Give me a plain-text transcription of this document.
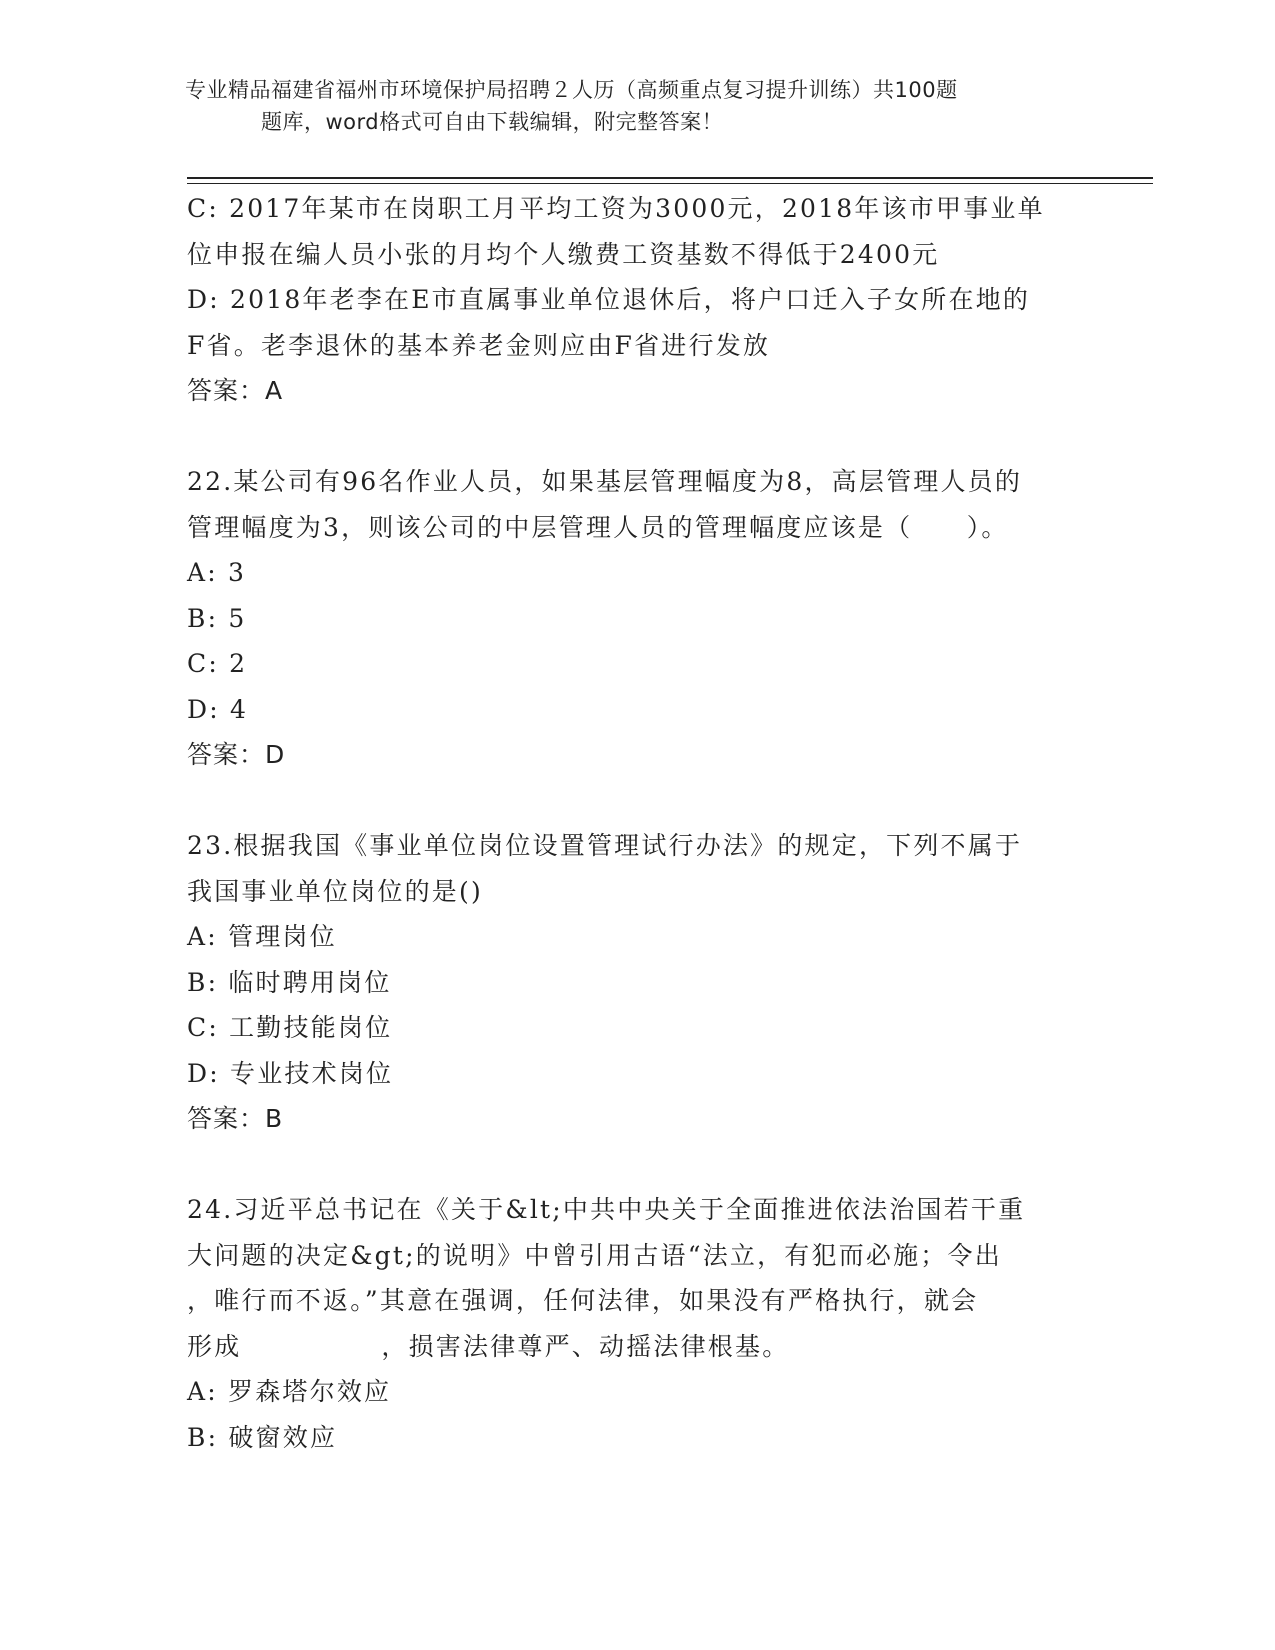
专业精品福建省福州市环境保护局招聘２人历（高频重点复习提升训练）共100题
题库，word格式可自由下载编辑，附完整答案！
C: 2017年某市在岗职工月平均工资为3000元，2018年该市甲事业单
位申报在编人员小张的月均个人缴费工资基数不得低于2400元
D: 2018年老李在E市直属事业单位退休后，将户口迁入子女所在地的
F省。老李退休的基本养老金则应由F省进行发放
答案：A
22.某公司有96名作业人员，如果基层管理幅度为8，高层管理人员的
管理幅度为3，则该公司的中层管理人员的管理幅度应该是（　　）。
A: 3
B: 5
C: 2
D: 4
答案：D
23.根据我国《事业单位岗位设置管理试行办法》的规定，下列不属于
我国事业单位岗位的是()
A: 管理岗位
B: 临时聘用岗位
C: 工勤技能岗位
D: 专业技术岗位
答案：B
24.习近平总书记在《关于&lt;中共中央关于全面推进依法治国若干重
大问题的决定&gt;的说明》中曾引用古语“法立，有犯而必施；令出
，唯行而不返。”其意在强调，任何法律，如果没有严格执行，就会
形成	，损害法律尊严、动摇法律根基。
A: 罗森塔尔效应
B: 破窗效应
